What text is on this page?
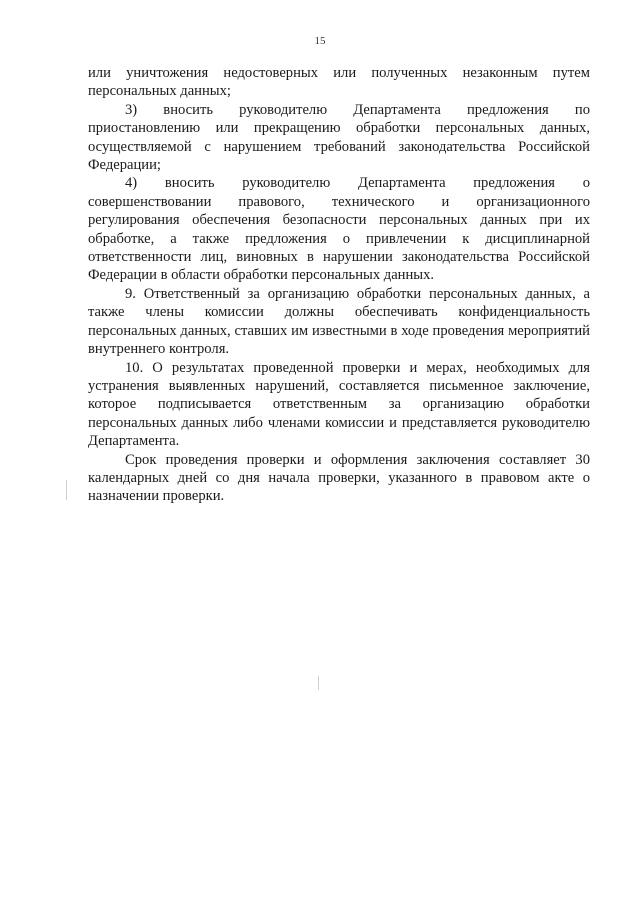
15

или уничтожения недостоверных или полученных незаконным путем персональных данных;

3) вносить руководителю Департамента предложения по приостановлению или прекращению обработки персональных данных, осуществляемой с нарушением требований законодательства Российской Федерации;

4) вносить руководителю Департамента предложения о совершенствовании правового, технического и организационного регулирования обеспечения безопасности персональных данных при их обработке, а также предложения о привлечении к дисциплинарной ответственности лиц, виновных в нарушении законодательства Российской Федерации в области обработки персональных данных.

9. Ответственный за организацию обработки персональных данных, а также члены комиссии должны обеспечивать конфиденциальность персональных данных, ставших им известными в ходе проведения мероприятий внутреннего контроля.

10. О результатах проведенной проверки и мерах, необходимых для устранения выявленных нарушений, составляется письменное заключение, которое подписывается ответственным за организацию обработки персональных данных либо членами комиссии и представляется руководителю Департамента.

Срок проведения проверки и оформления заключения составляет 30 календарных дней со дня начала проверки, указанного в правовом акте о назначении проверки.
